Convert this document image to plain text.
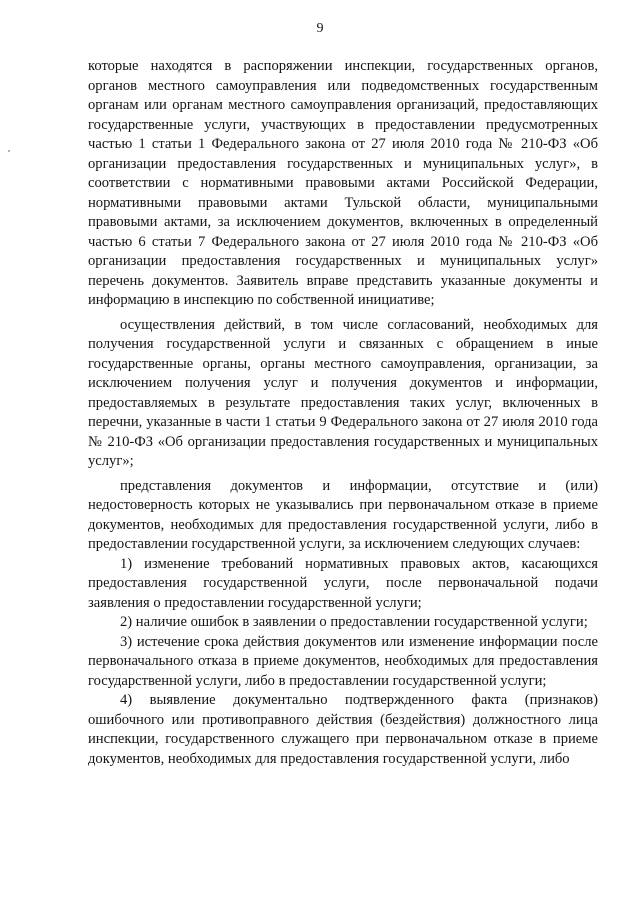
9

которые находятся в распоряжении инспекции, государственных органов, органов местного самоуправления или подведомственных государственным органам или органам местного самоуправления организаций, предоставляющих государственные услуги, участвующих в предоставлении предусмотренных частью 1 статьи 1 Федерального закона от 27 июля 2010 года № 210-ФЗ «Об организации предоставления государственных и муниципальных услуг», в соответствии с нормативными правовыми актами Российской Федерации, нормативными правовыми актами Тульской области, муниципальными правовыми актами, за исключением документов, включенных в определенный частью 6 статьи 7 Федерального закона от 27 июля 2010 года № 210-ФЗ «Об организации предоставления государственных и муниципальных услуг» перечень документов. Заявитель вправе представить указанные документы и информацию в инспекцию по собственной инициативе;

осуществления действий, в том числе согласований, необходимых для получения государственной услуги и связанных с обращением в иные государственные органы, органы местного самоуправления, организации, за исключением получения услуг и получения документов и информации, предоставляемых в результате предоставления таких услуг, включенных в перечни, указанные в части 1 статьи 9 Федерального закона от 27 июля 2010 года № 210-ФЗ «Об организации предоставления государственных и муниципальных услуг»;

представления документов и информации, отсутствие и (или) недостоверность которых не указывались при первоначальном отказе в приеме документов, необходимых для предоставления государственной услуги, либо в предоставлении государственной услуги, за исключением следующих случаев:

1) изменение требований нормативных правовых актов, касающихся предоставления государственной услуги, после первоначальной подачи заявления о предоставлении государственной услуги;

2) наличие ошибок в заявлении о предоставлении государственной услуги;

3) истечение срока действия документов или изменение информации после первоначального отказа в приеме документов, необходимых для предоставления государственной услуги, либо в предоставлении государственной услуги;

4) выявление документально подтвержденного факта (признаков) ошибочного или противоправного действия (бездействия) должностного лица инспекции, государственного служащего при первоначальном отказе в приеме документов, необходимых для предоставления государственной услуги, либо
